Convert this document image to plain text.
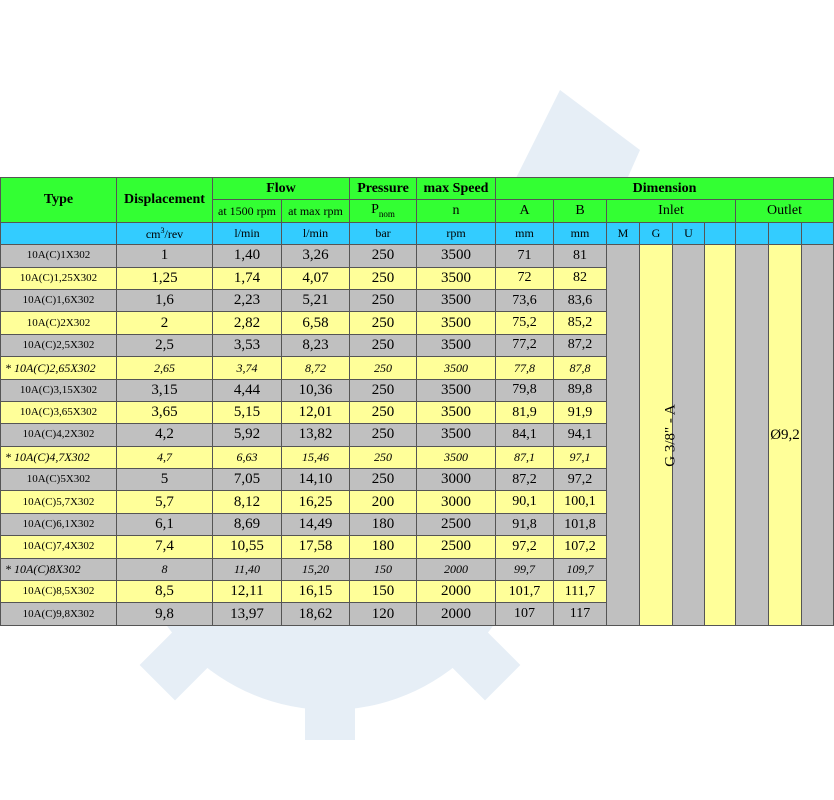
Type	Displacement	Flow		Pressure	max Speed	Dimension								
		at 1500 rpm	at max rpm	$P_{nom}$	n	A	B	Inlet				Outlet		
	$cm^3$/rev	l/min	l/min	bar	rpm	mm	mm	M	G	U				
10A(C)1X302	1	1,40	3,26	250	3500	71	81		G 3/8" - A				Ø9,2	
10A(C)1,25X302	1,25	1,74	4,07	250	3500	72	82							
10A(C)1,6X302	1,6	2,23	5,21	250	3500	73,6	83,6							
10A(C)2X302	2	2,82	6,58	250	3500	75,2	85,2							
10A(C)2,5X302	2,5	3,53	8,23	250	3500	77,2	87,2							
* 10A(C)2,65X302	2,65	3,74	8,72	250	3500	77,8	87,8							
10A(C)3,15X302	3,15	4,44	10,36	250	3500	79,8	89,8							
10A(C)3,65X302	3,65	5,15	12,01	250	3500	81,9	91,9							
10A(C)4,2X302	4,2	5,92	13,82	250	3500	84,1	94,1							
* 10A(C)4,7X302	4,7	6,63	15,46	250	3500	87,1	97,1							
10A(C)5X302	5	7,05	14,10	250	3000	87,2	97,2							
10A(C)5,7X302	5,7	8,12	16,25	200	3000	90,1	100,1							
10A(C)6,1X302	6,1	8,69	14,49	180	2500	91,8	101,8							
10A(C)7,4X302	7,4	10,55	17,58	180	2500	97,2	107,2							
* 10A(C)8X302	8	11,40	15,20	150	2000	99,7	109,7							
10A(C)8,5X302	8,5	12,11	16,15	150	2000	101,7	111,7							
10A(C)9,8X302	9,8	13,97	18,62	120	2000	107	117							
